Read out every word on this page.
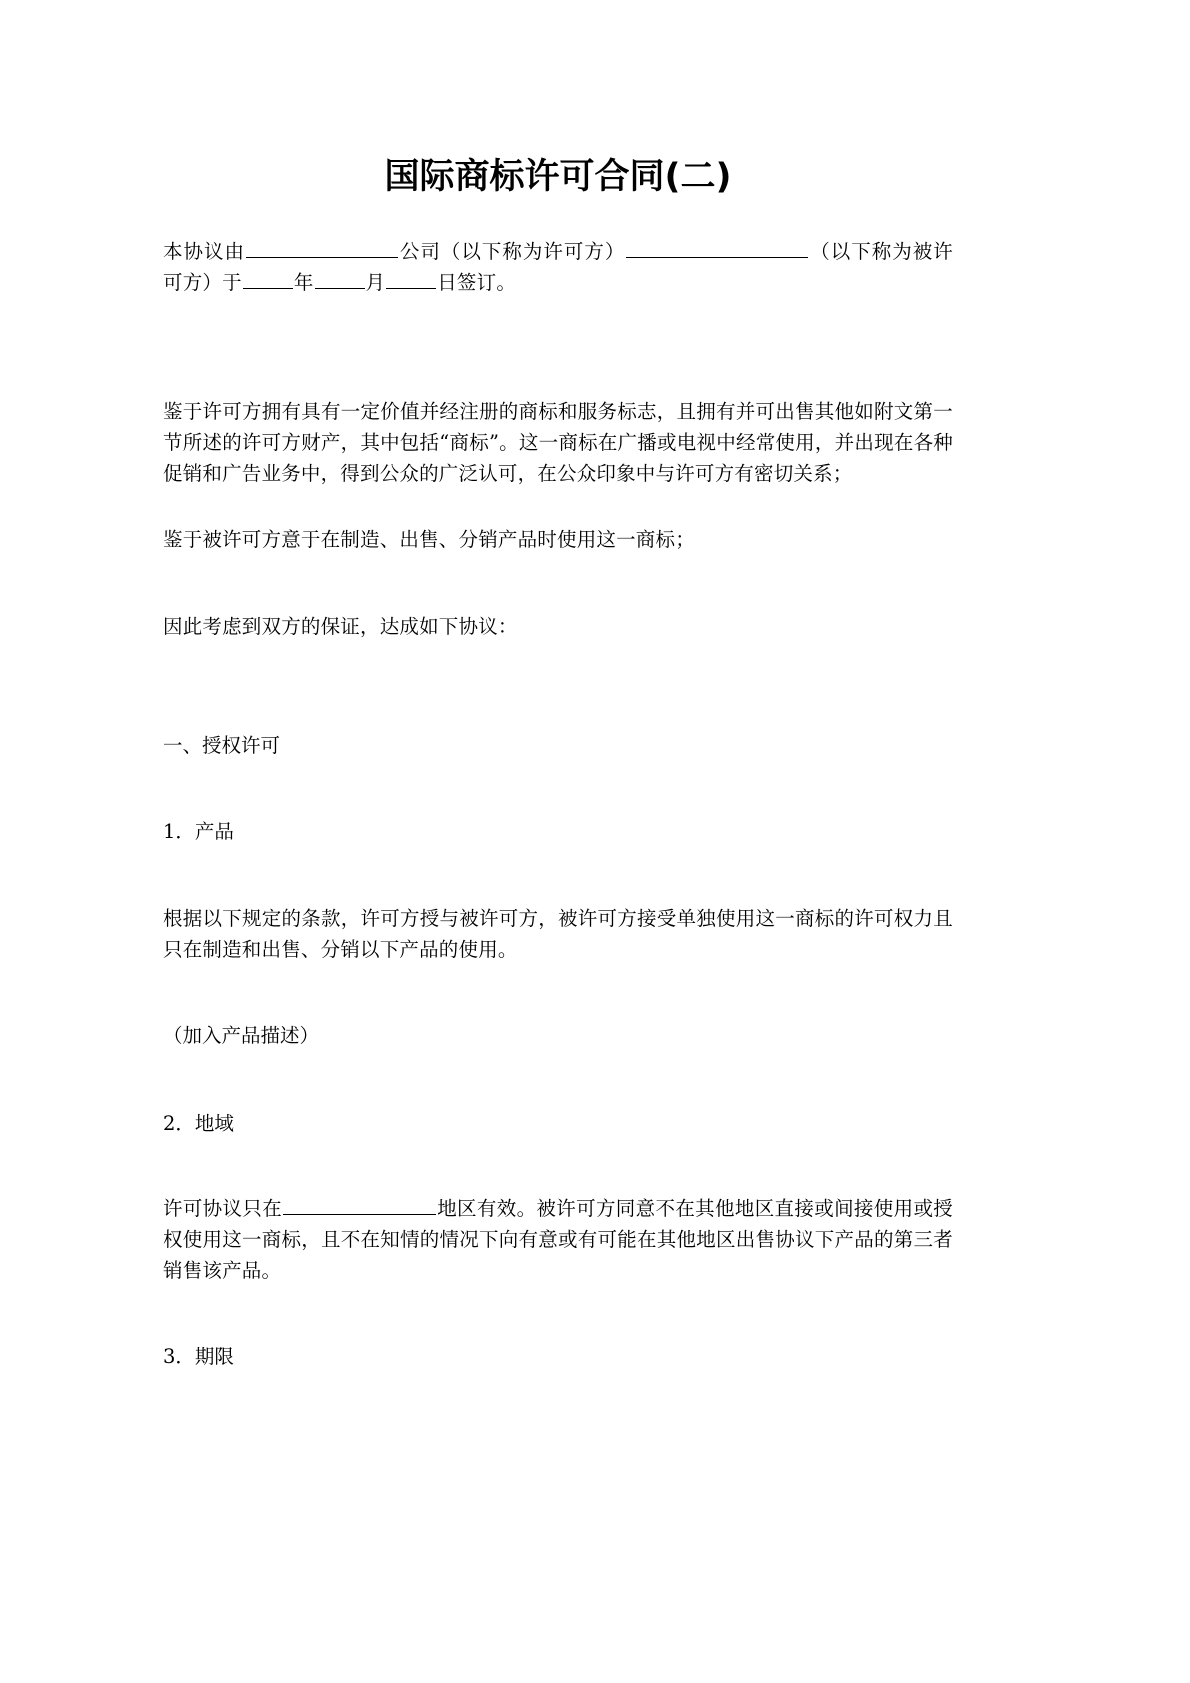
国际商标许可合同(二)

本协议由	公司（以下称为许可方）	（以下称为被许可方）于	年	月	日签订。

鉴于许可方拥有具有一定价值并经注册的商标和服务标志，且拥有并可出售其他如附文第一节所述的许可方财产，其中包括“商标”。这一商标在广播或电视中经常使用，并出现在各种促销和广告业务中，得到公众的广泛认可，在公众印象中与许可方有密切关系；

鉴于被许可方意于在制造、出售、分销产品时使用这一商标；

因此考虑到双方的保证，达成如下协议：

一、授权许可

1．产品

根据以下规定的条款，许可方授与被许可方，被许可方接受单独使用这一商标的许可权力且只在制造和出售、分销以下产品的使用。

（加入产品描述）

2．地域

许可协议只在	地区有效。被许可方同意不在其他地区直接或间接使用或授权使用这一商标，且不在知情的情况下向有意或有可能在其他地区出售协议下产品的第三者销售该产品。

3．期限
